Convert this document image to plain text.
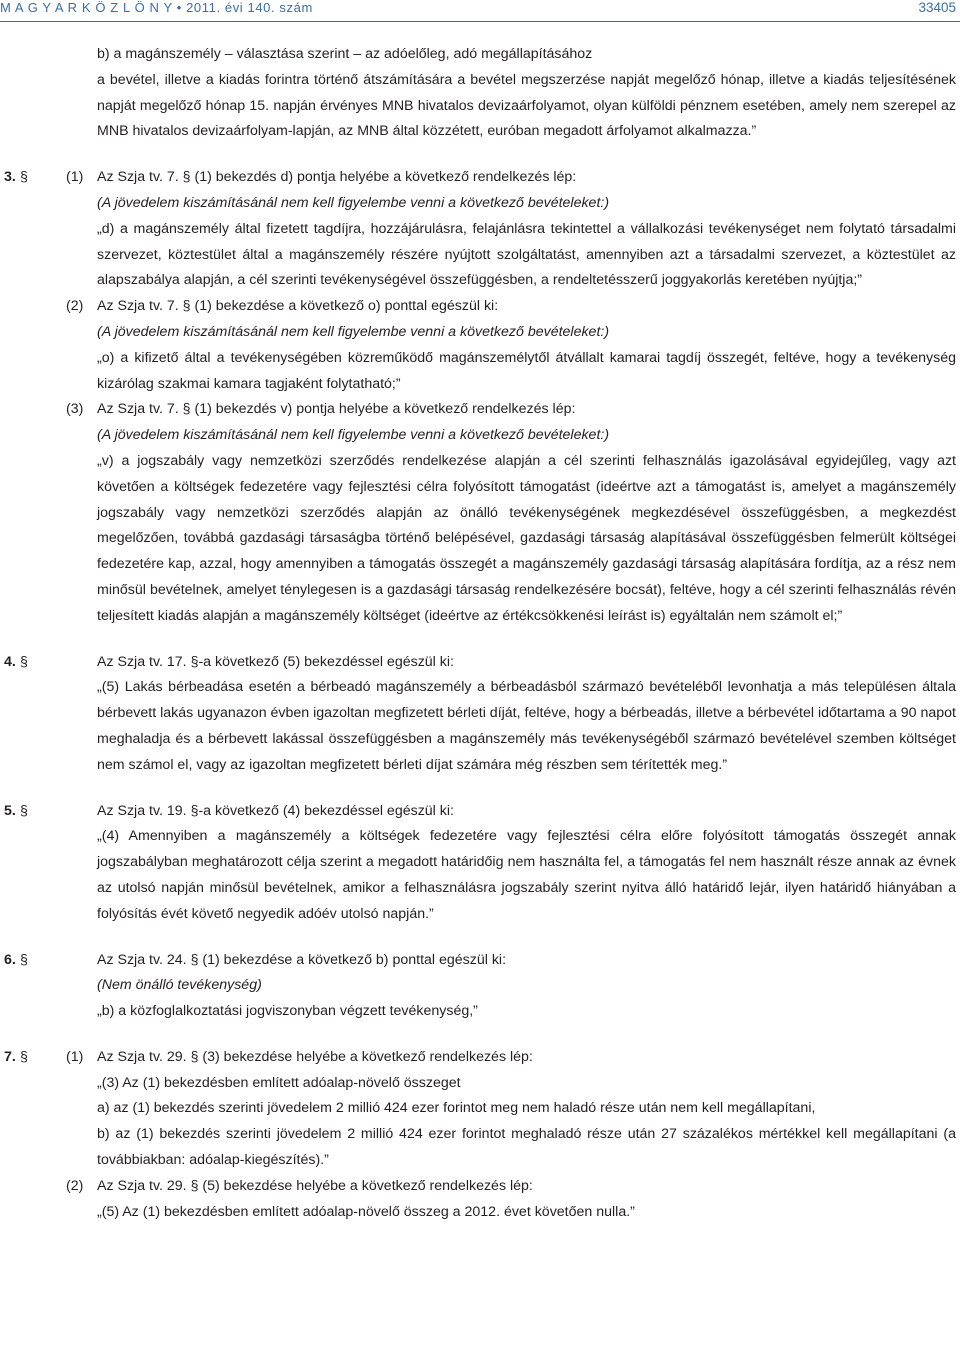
M A G Y A R K Ö Z L Ö N Y • 2011. évi 140. szám	33405
b) a magánszemély – választása szerint – az adóelőleg, adó megállapításához
a bevétel, illetve a kiadás forintra történő átszámítására a bevétel megszerzése napját megelőző hónap, illetve a kiadás teljesítésének napját megelőző hónap 15. napján érvényes MNB hivatalos devizaárfolyamot, olyan külföldi pénznem esetében, amely nem szerepel az MNB hivatalos devizaárfolyam-lapján, az MNB által közzétett, euróban megadott árfolyamot alkalmazza.”
3. §	(1) Az Szja tv. 7. § (1) bekezdés d) pontja helyébe a következő rendelkezés lép:
(A jövedelem kiszámításánál nem kell figyelembe venni a következő bevételeket:)
„d) a magánszemély által fizetett tagdíjra, hozzájárulásra, felajánlásra tekintettel a vállalkozási tevékenységet nem folytató társadalmi szervezet, köztestület által a magánszemély részére nyújtott szolgáltatást, amennyiben azt a társadalmi szervezet, a köztestület az alapszabálya alapján, a cél szerinti tevékenységével összefüggésben, a rendeltetésszerű joggyakorlás keretében nyújtja;”
(2) Az Szja tv. 7. § (1) bekezdése a következő o) ponttal egészül ki:
(A jövedelem kiszámításánál nem kell figyelembe venni a következő bevételeket:)
„o) a kifizető által a tevékenységében közreműködő magánszemélytől átvállalt kamarai tagdíj összegét, feltéve, hogy a tevékenység kizárólag szakmai kamara tagjaként folytatható;”
(3) Az Szja tv. 7. § (1) bekezdés v) pontja helyébe a következő rendelkezés lép:
(A jövedelem kiszámításánál nem kell figyelembe venni a következő bevételeket:)
„v) a jogszabály vagy nemzetközi szerződés rendelkezése alapján a cél szerinti felhasználás igazolásával egyidejűleg, vagy azt követően a költségek fedezetére vagy fejlesztési célra folyósított támogatást (ideértve azt a támogatást is, amelyet a magánszemély jogszabály vagy nemzetközi szerződés alapján az önálló tevékenységének megkezdésével összefüggésben, a megkezdést megelőzően, továbbá gazdasági társaságba történő belépésével, gazdasági társaság alapításával összefüggésben felmerült költségei fedezetére kap, azzal, hogy amennyiben a támogatás összegét a magánszemély gazdasági társaság alapítására fordítja, az a rész nem minősül bevételnek, amelyet ténylegesen is a gazdasági társaság rendelkezésére bocsát), feltéve, hogy a cél szerinti felhasználás révén teljesített kiadás alapján a magánszemély költséget (ideértve az értékcsökkenési leírást is) egyáltalán nem számolt el;”
4. §	Az Szja tv. 17. §-a következő (5) bekezdéssel egészül ki:
„(5) Lakás bérbeadása esetén a bérbeadó magánszemély a bérbeadásból származó bevételéből levonhatja a más településen általa bérbevett lakás ugyanazon évben igazoltan megfizetett bérleti díját, feltéve, hogy a bérbeadás, illetve a bérbevétel időtartama a 90 napot meghaladja és a bérbevett lakással összefüggésben a magánszemély más tevékenységéből származó bevételével szemben költséget nem számol el, vagy az igazoltan megfizetett bérleti díjat számára még részben sem térítették meg.”
5. §	Az Szja tv. 19. §-a következő (4) bekezdéssel egészül ki:
„(4) Amennyiben a magánszemély a költségek fedezetére vagy fejlesztési célra előre folyósított támogatás összegét annak jogszabályban meghatározott célja szerint a megadott határidőig nem használta fel, a támogatás fel nem használt része annak az évnek az utolsó napján minősül bevételnek, amikor a felhasználásra jogszabály szerint nyitva álló határidő lejár, ilyen határidő hiányában a folyósítás évét követő negyedik adóév utolsó napján.”
6. §	Az Szja tv. 24. § (1) bekezdése a következő b) ponttal egészül ki:
(Nem önálló tevékenység)
„b) a közfoglalkoztatási jogviszonyban végzett tevékenység,”
7. §	(1) Az Szja tv. 29. § (3) bekezdése helyébe a következő rendelkezés lép:
„(3) Az (1) bekezdésben említett adóalap-növelő összeget
a) az (1) bekezdés szerinti jövedelem 2 millió 424 ezer forintot meg nem haladó része után nem kell megállapítani,
b) az (1) bekezdés szerinti jövedelem 2 millió 424 ezer forintot meghaladó része után 27 százalékos mértékkel kell megállapítani (a továbbiakban: adóalap-kiegészítés).”
(2) Az Szja tv. 29. § (5) bekezdése helyébe a következő rendelkezés lép:
„(5) Az (1) bekezdésben említett adóalap-növelő összeg a 2012. évet követően nulla.”
